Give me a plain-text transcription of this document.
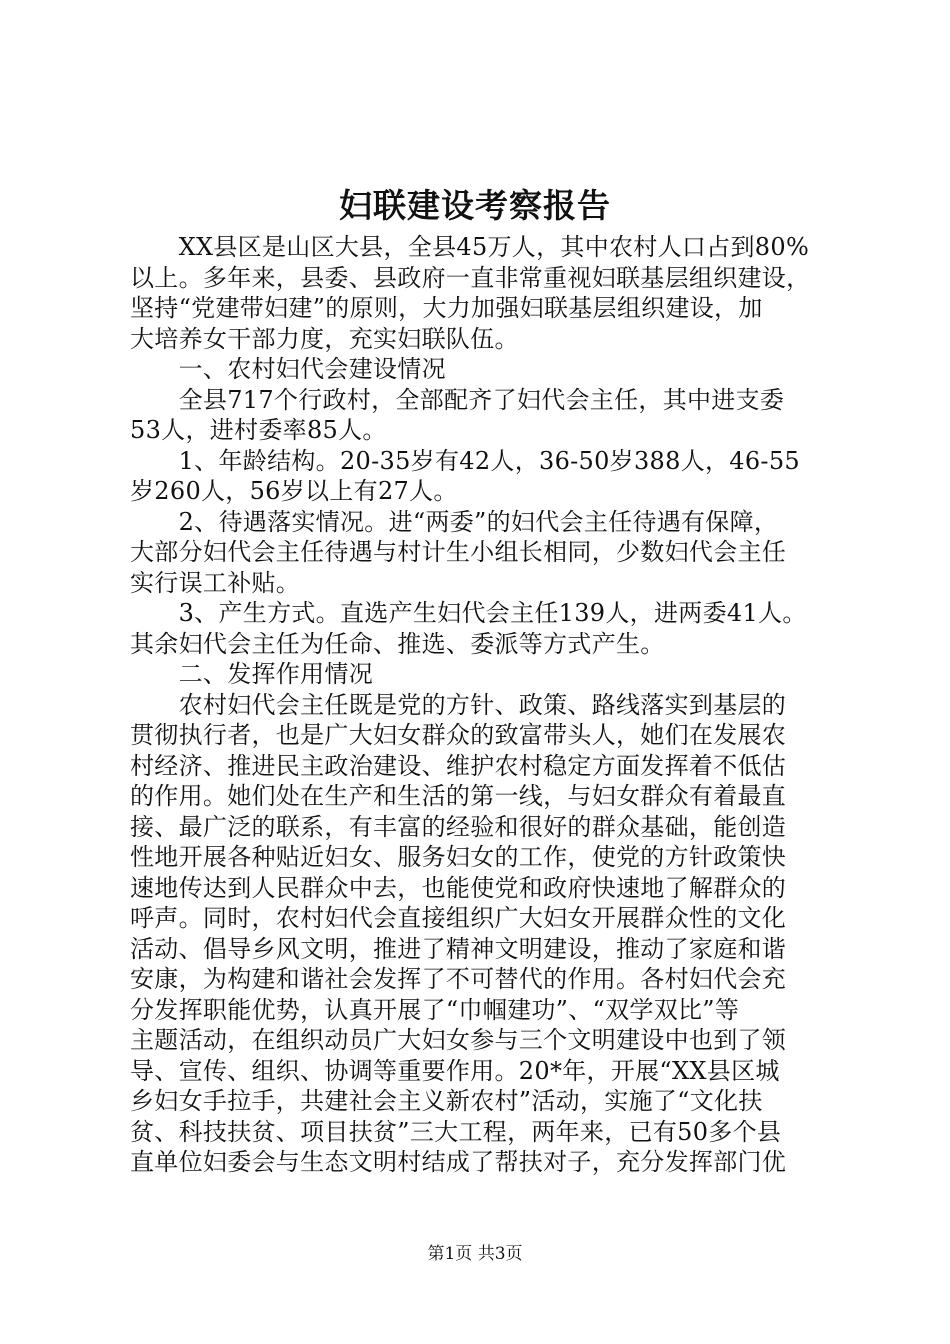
妇联建设考察报告
　　XX县区是山区大县，全县45万人，其中农村人口占到80%
以上。多年来，县委、县政府一直非常重视妇联基层组织建设，
坚持“党建带妇建”的原则，大力加强妇联基层组织建设，加
大培养女干部力度，充实妇联队伍。
　　一、农村妇代会建设情况
　　全县717个行政村，全部配齐了妇代会主任，其中进支委
53人，进村委率85人。
　　1、年龄结构。20-35岁有42人，36-50岁388人，46-55
岁260人，56岁以上有27人。
　　2、待遇落实情况。进“两委”的妇代会主任待遇有保障，
大部分妇代会主任待遇与村计生小组长相同，少数妇代会主任
实行误工补贴。
　　3、产生方式。直选产生妇代会主任139人，进两委41人。
其余妇代会主任为任命、推选、委派等方式产生。
　　二、发挥作用情况
　　农村妇代会主任既是党的方针、政策、路线落实到基层的
贯彻执行者，也是广大妇女群众的致富带头人，她们在发展农
村经济、推进民主政治建设、维护农村稳定方面发挥着不低估
的作用。她们处在生产和生活的第一线，与妇女群众有着最直
接、最广泛的联系，有丰富的经验和很好的群众基础，能创造
性地开展各种贴近妇女、服务妇女的工作，使党的方针政策快
速地传达到人民群众中去，也能使党和政府快速地了解群众的
呼声。同时，农村妇代会直接组织广大妇女开展群众性的文化
活动、倡导乡风文明，推进了精神文明建设，推动了家庭和谐
安康，为构建和谐社会发挥了不可替代的作用。各村妇代会充
分发挥职能优势，认真开展了“巾帼建功”、“双学双比”等
主题活动，在组织动员广大妇女参与三个文明建设中也到了领
导、宣传、组织、协调等重要作用。20*年，开展“XX县区城
乡妇女手拉手，共建社会主义新农村”活动，实施了“文化扶
贫、科技扶贫、项目扶贫”三大工程，两年来，已有50多个县
直单位妇委会与生态文明村结成了帮扶对子，充分发挥部门优
第1页 共3页
